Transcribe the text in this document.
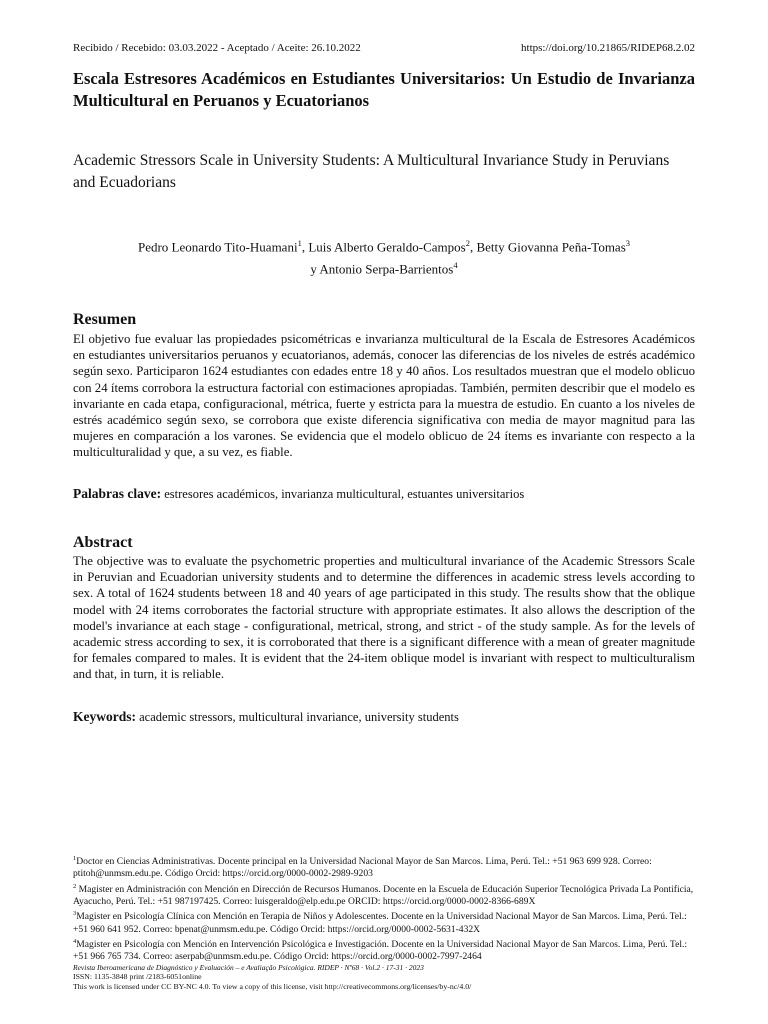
Recibido / Recebido: 03.03.2022 - Aceptado / Aceite: 26.10.2022	https://doi.org/10.21865/RIDEP68.2.02
Escala Estresores Académicos en Estudiantes Universitarios: Un Estudio de Invarianza Multicultural en Peruanos y Ecuatorianos
Academic Stressors Scale in University Students: A Multicultural Invariance Study in Peruvians and Ecuadorians
Pedro Leonardo Tito-Huamani$^1$, Luis Alberto Geraldo-Campos$^2$, Betty Giovanna Peña-Tomas$^3$
y Antonio Serpa-Barrientos$^4$
Resumen
El objetivo fue evaluar las propiedades psicométricas e invarianza multicultural de la Escala de Estresores Académicos en estudiantes universitarios peruanos y ecuatorianos, además, conocer las diferencias de los niveles de estrés académico según sexo. Participaron 1624 estudiantes con edades entre 18 y 40 años. Los resultados muestran que el modelo oblicuo con 24 ítems corrobora la estructura factorial con estimaciones apropiadas. También, permiten describir que el modelo es invariante en cada etapa, configuracional, métrica, fuerte y estricta para la muestra de estudio. En cuanto a los niveles de estrés académico según sexo, se corrobora que existe diferencia significativa con media de mayor magnitud para las mujeres en comparación a los varones. Se evidencia que el modelo oblicuo de 24 ítems es invariante con respecto a la multiculturalidad y que, a su vez, es fiable.
Palabras clave: estresores académicos, invarianza multicultural, estuantes universitarios
Abstract
The objective was to evaluate the psychometric properties and multicultural invariance of the Academic Stressors Scale in Peruvian and Ecuadorian university students and to determine the differences in academic stress levels according to sex. A total of 1624 students between 18 and 40 years of age participated in this study. The results show that the oblique model with 24 items corroborates the factorial structure with appropriate estimates. It also allows the description of the model's invariance at each stage - configurational, metrical, strong, and strict - of the study sample. As for the levels of academic stress according to sex, it is corroborated that there is a significant difference with a mean of greater magnitude for females compared to males. It is evident that the 24-item oblique model is invariant with respect to multiculturalism and that, in turn, it is reliable.
Keywords: academic stressors, multicultural invariance, university students

$^1$Doctor en Ciencias Administrativas. Docente principal en la Universidad Nacional Mayor de San Marcos. Lima, Perú. Tel.: +51 963 699 928. Correo: ptitoh@unmsm.edu.pe. Código Orcid: https://orcid.org/0000-0002-2989-9203

$^2$ Magister en Administración con Mención en Dirección de Recursos Humanos. Docente en la Escuela de Educación Superior Tecnológica Privada La Pontificia, Ayacucho, Perú. Tel.: +51 987197425. Correo: luisgeraldo@elp.edu.pe ORCID: https://orcid.org/0000-0002-8366-689X

$^3$Magister en Psicología Clínica con Mención en Terapia de Niños y Adolescentes. Docente en la Universidad Nacional Mayor de San Marcos. Lima, Perú. Tel.: +51 960 641 952. Correo: bpenat@unmsm.edu.pe. Código Orcid: https://orcid.org/0000-0002-5631-432X

$^4$Magister en Psicología con Mención en Intervención Psicológica e Investigación. Docente en la Universidad Nacional Mayor de San Marcos. Lima, Perú. Tel.: +51 966 765 734. Correo: aserpab@unmsm.edu.pe. Código Orcid: https://orcid.org/0000-0002-7997-2464

Revista Iberoamericana de Diagnóstico y Evaluación – e Avaliação Psicológica. RIDEP · Nº68 · Vol.2 · 17-31 · 2023
ISSN: 1135-3848 print /2183-6051online
This work is licensed under CC BY-NC 4.0. To view a copy of this license, visit http://creativecommons.org/licenses/by-nc/4.0/
